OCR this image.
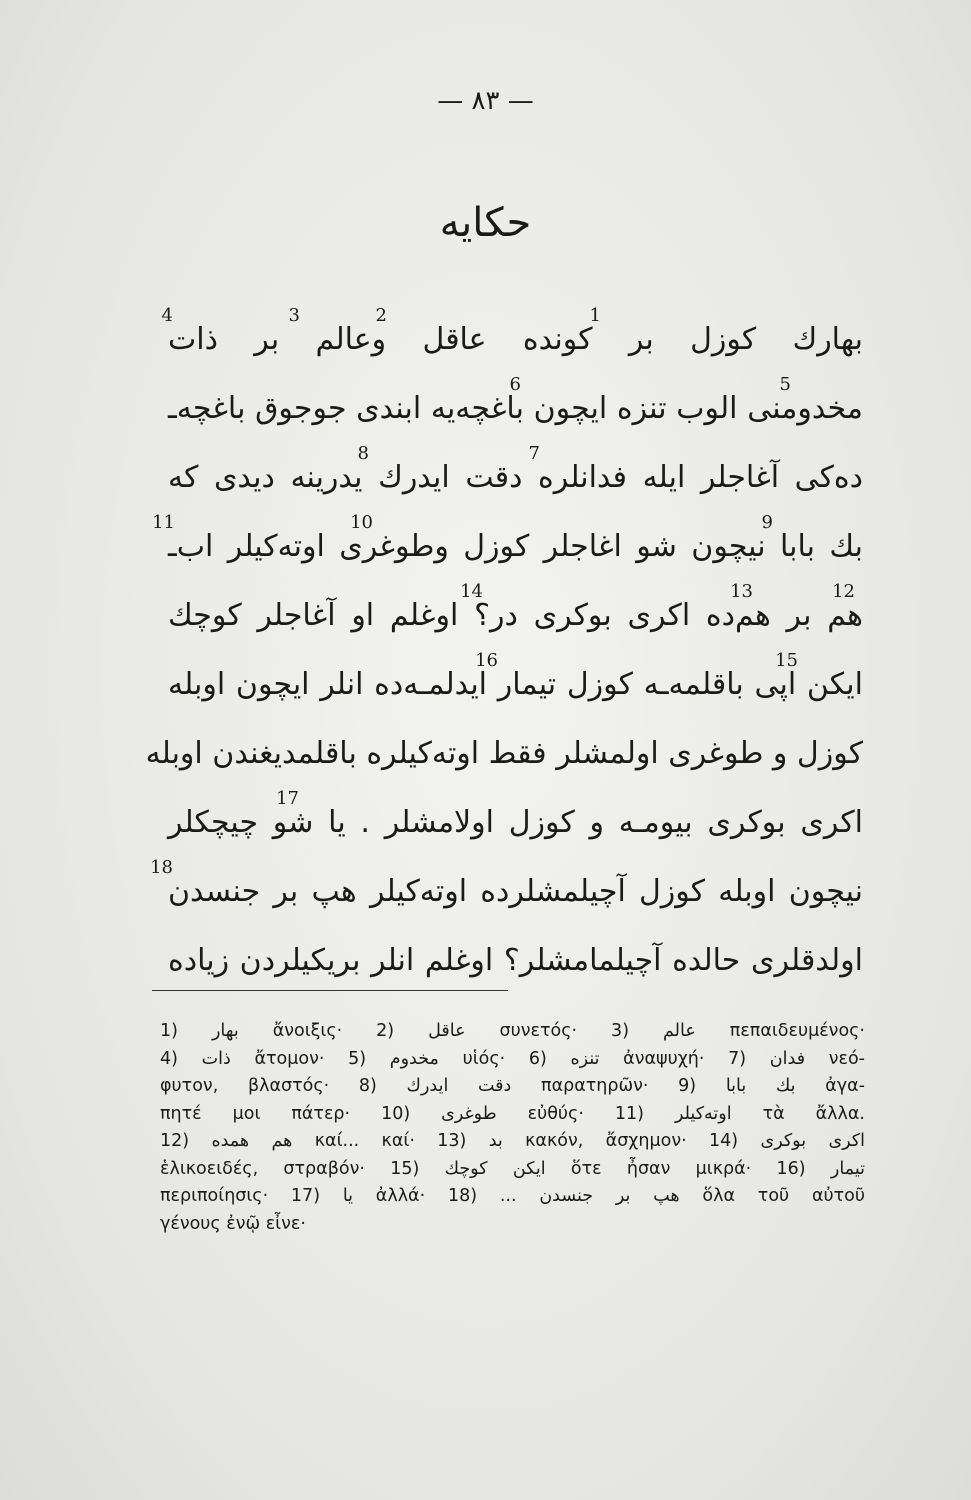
— ٨٣ —
حكايه
بهارك کوزل بر کونده عاقل وعالم بر ذات
1
2
3
4
مخدومنی الوب تنزه ایچون باغچه‌یه ابندی جوجوق باغچه‌ـ
5
6
ده‌کی آغاجلر ایله فدانلره دقت ایدرك یدرینه دیدی که
7
8
بك بابا نیچون شو اغاجلر کوزل وطوغری اوته‌کیلر اب‌ـ
9
10
11
هم بر هم‌ده اکری بوکری در؟ اوغلم او آغاجلر کوچك
12
13
14
ایکن اپی باقلمه‌ـه کوزل تیمار ایدلمـه‌ده انلر ایچون اوبله
15
16
کوزل و طوغری اولمشلر فقط اوته‌کیلره باقلمدیغندن اوبله
اکری بوکری بیومـه و کوزل اولامشلر . یا شو چیچکلر
17
نیچون اوبله کوزل آچیلمشلرده اوته‌کیلر هپ بر جنسدن
18
اولدقلری حالده آچیلمامشلر؟ اوغلم انلر بریکیلردن زیاده
1) بهار ἄνοιξις· 2) عاقل συνετός· 3) عالم πεπαιδευμένος·
4) ذات ἄτομον· 5) مخدوم υἱός· 6) تنزه ἀναψυχή· 7) فدان νεό-
φυτον, βλαστός· 8) دقت ایدرك παρατηρῶν· 9) بك بابا ἀγα-
πητέ μοι πάτερ· 10) طوغری εὐθύς· 11) اوته‌کیلر τὰ ἄλλα.
12) هم همده καί... καί· 13) بد κακόν, ἄσχημον· 14) اکری بوکری
ἑλικοειδές, στραβόν· 15) ایکن کوچك ὅτε ἦσαν μικρά· 16) تیمار
περιποίησις· 17) یا ἀλλά· 18) ... هپ بر جنسدن ὅλα τοῦ αὐτοῦ
γένους ἐνῷ εἶνε·
